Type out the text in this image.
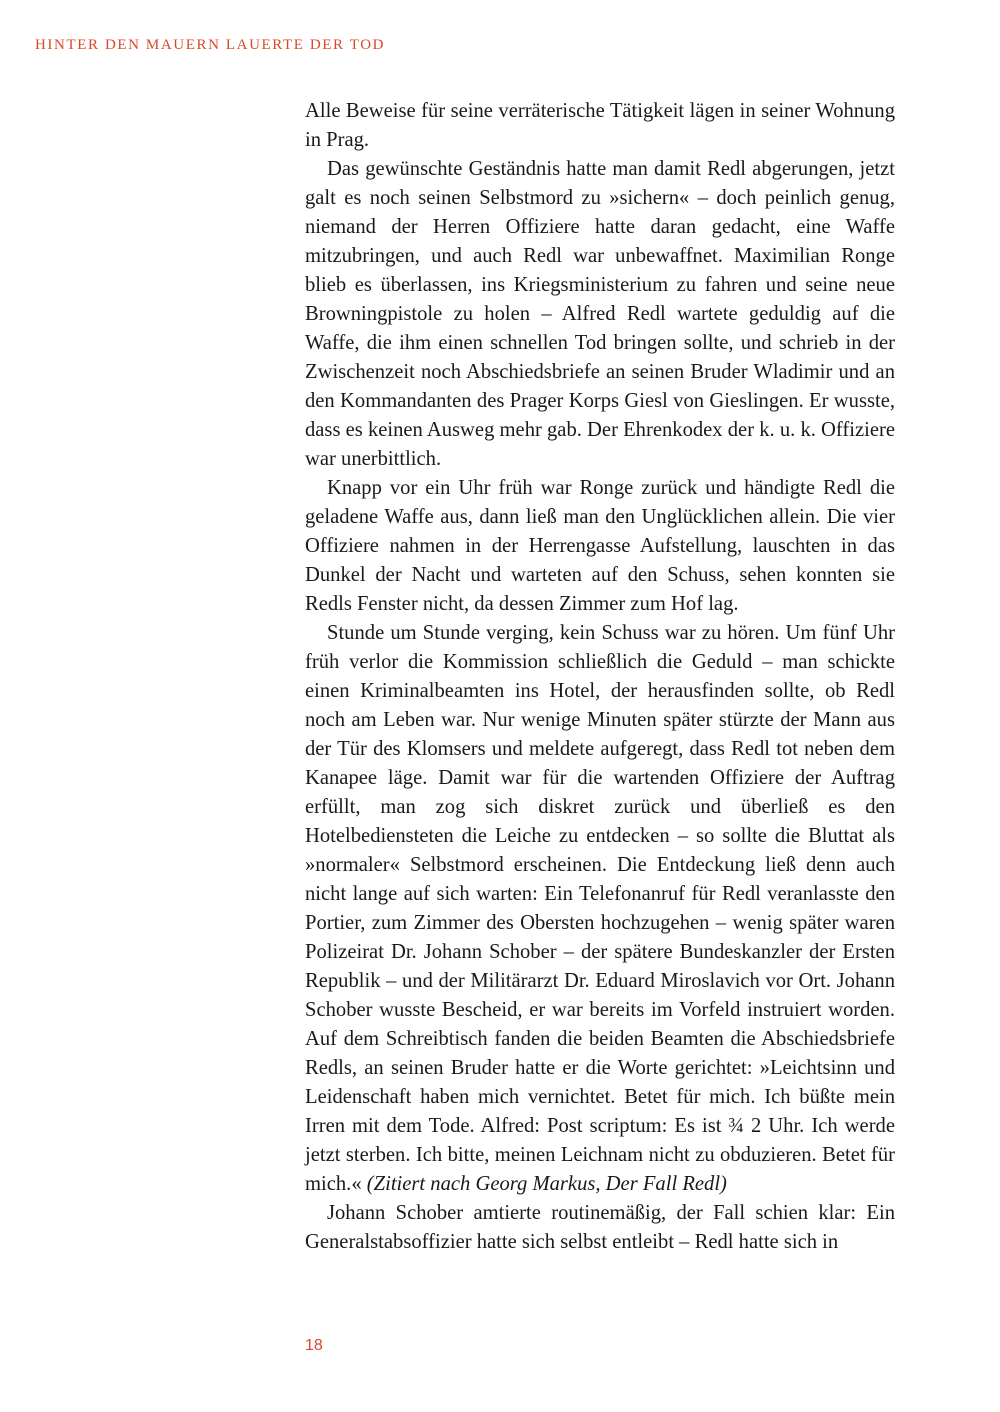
HINTER DEN MAUERN LAUERTE DER TOD

Alle Beweise für seine verräterische Tätigkeit lägen in seiner Wohnung in Prag.

Das gewünschte Geständnis hatte man damit Redl abgerungen, jetzt galt es noch seinen Selbstmord zu »sichern« – doch peinlich genug, niemand der Herren Offiziere hatte daran gedacht, eine Waffe mitzubringen, und auch Redl war unbewaffnet. Maximilian Ronge blieb es überlassen, ins Kriegsministerium zu fahren und seine neue Browningpistole zu holen – Alfred Redl wartete geduldig auf die Waffe, die ihm einen schnellen Tod bringen sollte, und schrieb in der Zwischenzeit noch Abschiedsbriefe an seinen Bruder Wladimir und an den Kommandanten des Prager Korps Giesl von Gieslingen. Er wusste, dass es keinen Ausweg mehr gab. Der Ehrenkodex der k. u. k. Offiziere war unerbittlich.

Knapp vor ein Uhr früh war Ronge zurück und händigte Redl die geladene Waffe aus, dann ließ man den Unglücklichen allein. Die vier Offiziere nahmen in der Herrengasse Aufstellung, lauschten in das Dunkel der Nacht und warteten auf den Schuss, sehen konnten sie Redls Fenster nicht, da dessen Zimmer zum Hof lag.

Stunde um Stunde verging, kein Schuss war zu hören. Um fünf Uhr früh verlor die Kommission schließlich die Geduld – man schickte einen Kriminalbeamten ins Hotel, der herausfinden sollte, ob Redl noch am Leben war. Nur wenige Minuten später stürzte der Mann aus der Tür des Klomsers und meldete aufgeregt, dass Redl tot neben dem Kanapee läge. Damit war für die wartenden Offiziere der Auftrag erfüllt, man zog sich diskret zurück und überließ es den Hotelbediensteten die Leiche zu entdecken – so sollte die Bluttat als »normaler« Selbstmord erscheinen. Die Entdeckung ließ denn auch nicht lange auf sich warten: Ein Telefonanruf für Redl veranlasste den Portier, zum Zimmer des Obersten hochzugehen – wenig später waren Polizeirat Dr. Johann Schober – der spätere Bundeskanzler der Ersten Republik – und der Militärarzt Dr. Eduard Miroslavich vor Ort. Johann Schober wusste Bescheid, er war bereits im Vorfeld instruiert worden. Auf dem Schreibtisch fanden die beiden Beamten die Abschiedsbriefe Redls, an seinen Bruder hatte er die Worte gerichtet: »Leichtsinn und Leidenschaft haben mich vernichtet. Betet für mich. Ich büßte mein Irren mit dem Tode. Alfred: Post scriptum: Es ist ¾ 2 Uhr. Ich werde jetzt sterben. Ich bitte, meinen Leichnam nicht zu obduzieren. Betet für mich.« (Zitiert nach Georg Markus, Der Fall Redl)

Johann Schober amtierte routinemäßig, der Fall schien klar: Ein Generalstabsoffizier hatte sich selbst entleibt – Redl hatte sich in

18
